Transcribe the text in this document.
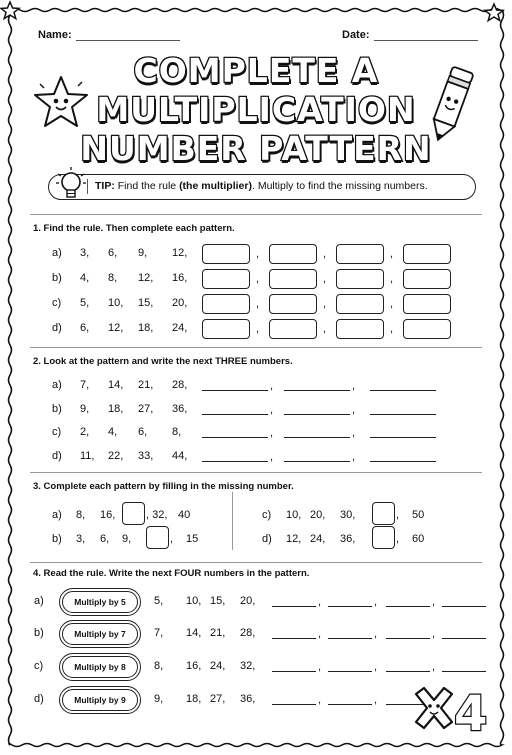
Name:	Date:
COMPLETE A
MULTIPLICATION
NUMBER PATTERN
TIP: Find the rule (the multiplier). Multiply to find the missing numbers.
1. Find the rule. Then complete each pattern.
a) 3, 6, 9, 12,	,	,	,
b) 4, 8, 12, 16,	,	,	,
c) 5, 10, 15, 20,	,	,	,
d) 6, 12, 18, 24,	,	,	,
2. Look at the pattern and write the next THREE numbers.
a) 7, 14, 21, 28,	,	,
b) 9, 18, 27, 36,	,	,
c) 2, 4, 6, 8,	,	,
d) 11, 22, 33, 44,	,	,
3. Complete each pattern by filling in the missing number.
a) 8, 16,	, 32, 40
b) 3, 6, 9,	, 15
c) 10, 20, 30,	, 50
d) 12, 24, 36,	, 60
4. Read the rule. Write the next FOUR numbers in the pattern.
a)	Multiply by 5	5, 10, 15, 20,	,	,	,
b)	Multiply by 7	7, 14, 21, 28,	,	,	,
c)	Multiply by 8	8, 16, 24, 32,	,	,	,
d)	Multiply by 9	9, 18, 27, 36,	,	, 4
